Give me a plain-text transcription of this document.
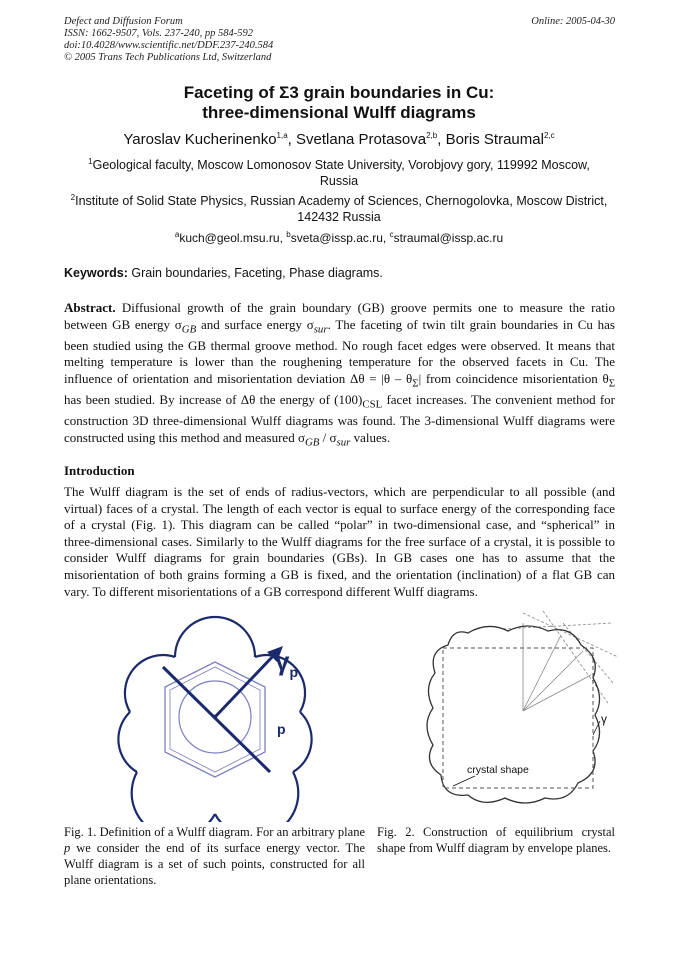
Defect and Diffusion Forum
ISSN: 1662-9507, Vols. 237-240, pp 584-592
doi:10.4028/www.scientific.net/DDF.237-240.584
© 2005 Trans Tech Publications Ltd, Switzerland
Online: 2005-04-30
Faceting of Σ3 grain boundaries in Cu:
three-dimensional Wulff diagrams
Yaroslav Kucherinenko$^{1,a}$, Svetlana Protasova$^{2,b}$, Boris Straumal$^{2,c}$
$^1$Geological faculty, Moscow Lomonosov State University, Vorobjovy gory, 119992 Moscow, Russia
$^2$Institute of Solid State Physics, Russian Academy of Sciences, Chernogolovka, Moscow District, 142432 Russia
$^a$kuch@geol.msu.ru, $^b$sveta@issp.ac.ru, $^c$straumal@issp.ac.ru
Keywords: Grain boundaries, Faceting, Phase diagrams.
Abstract. Diffusional growth of the grain boundary (GB) groove permits one to measure the ratio between GB energy $\sigma_{GB}$ and surface energy $\sigma_{sur}$. The faceting of twin tilt grain boundaries in Cu has been studied using the GB thermal groove method. No rough facet edges were observed. It means that melting temperature is lower than the roughening temperature for the observed facets in Cu. The influence of orientation and misorientation deviation $\Delta\theta = |\theta - \theta_\Sigma|$ from coincidence misorientation $\theta_\Sigma$ has been studied. By increase of Δθ the energy of $(100)_{CSL}$ facet increases. The convenient method for construction 3D three-dimensional Wulff diagrams was found. The 3-dimensional Wulff diagrams were constructed using this method and measured $\sigma_{GB} / \sigma_{sur}$ values.
Introduction
The Wulff diagram is the set of ends of radius-vectors, which are perpendicular to all possible (and virtual) faces of a crystal. The length of each vector is equal to surface energy of the corresponding face of a crystal (Fig. 1). This diagram can be called “polar” in two-dimensional case, and “spherical” in three-dimensional cases. Similarly to the Wulff diagrams for the free surface of a crystal, it is possible to consider Wulff diagrams for grain boundaries (GBs). In GB cases one has to assume that the misorientation of both grains forming a GB is fixed, and the orientation (inclination) of a flat GB can vary. To different misorientations of a GB correspond different Wulff diagrams.
$\gamma_p$
p
γ
crystal shape
Fig. 1. Definition of a Wulff diagram. For an arbitrary plane p we consider the end of its surface energy vector. The Wulff diagram is a set of such points, constructed for all plane orientations.
Fig. 2. Construction of equilibrium crystal shape from Wulff diagram by envelope planes.
